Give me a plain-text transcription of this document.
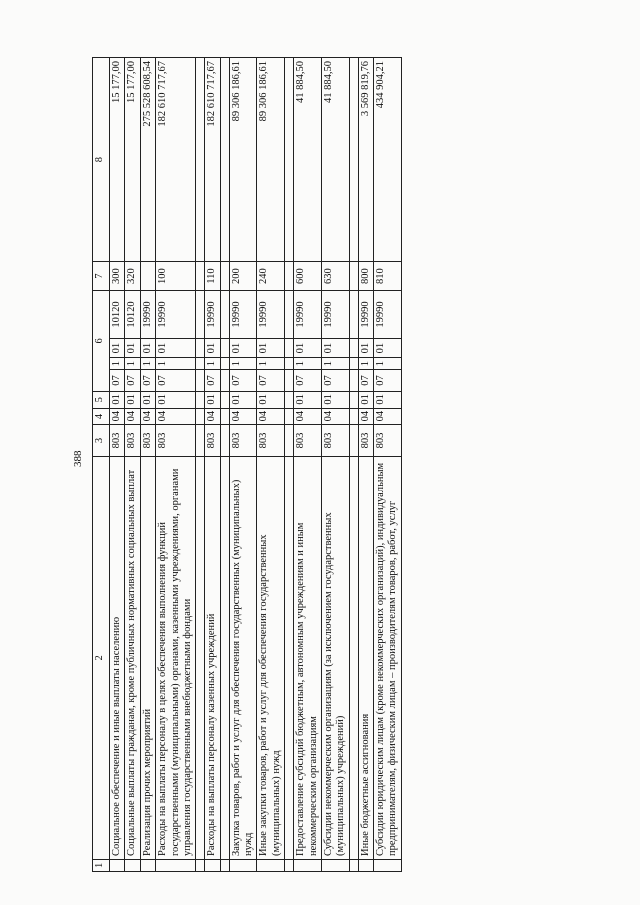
388
1	2	3	4	5	6				7	8
	Социальное обеспечение и иные выплаты населению	803	04	01	07	1	01	10120	300	15 177,00
	Социальные выплаты гражданам, кроме публичных нормативных социальных выплат	803	04	01	07	1	01	10120	320	15 177,00
	Реализация прочих мероприятий	803	04	01	07	1	01	19990		275 528 608,54
	Расходы на выплаты персоналу в целях обеспечения выполнения функций государственными (муниципальными) органами, казенными учреждениями, органами управления государственными внебюджетными фондами	803	04	01	07	1	01	19990	100	182 610 717,67

	Расходы на выплаты персоналу казенных учреждений	803	04	01	07	1	01	19990	110	182 610 717,67

	Закупка товаров, работ и услуг для обеспечения государственных (муниципальных) нужд	803	04	01	07	1	01	19990	200	89 306 186,61
	Иные закупки товаров, работ и услуг для обеспечения государственных (муниципальных) нужд	803	04	01	07	1	01	19990	240	89 306 186,61

	Предоставление субсидий бюджетным, автономным учреждениям и иным некоммерческим организациям	803	04	01	07	1	01	19990	600	41 884,50
	Субсидии некоммерческим организациям (за исключением государственных (муниципальных) учреждений)	803	04	01	07	1	01	19990	630	41 884,50

	Иные бюджетные ассигнования	803	04	01	07	1	01	19990	800	3 569 819,76
	Субсидии юридическим лицам (кроме некоммерческих организаций), индивидуальным предпринимателям, физическим лицам – производителям товаров, работ, услуг	803	04	01	07	1	01	19990	810	434 904,21
